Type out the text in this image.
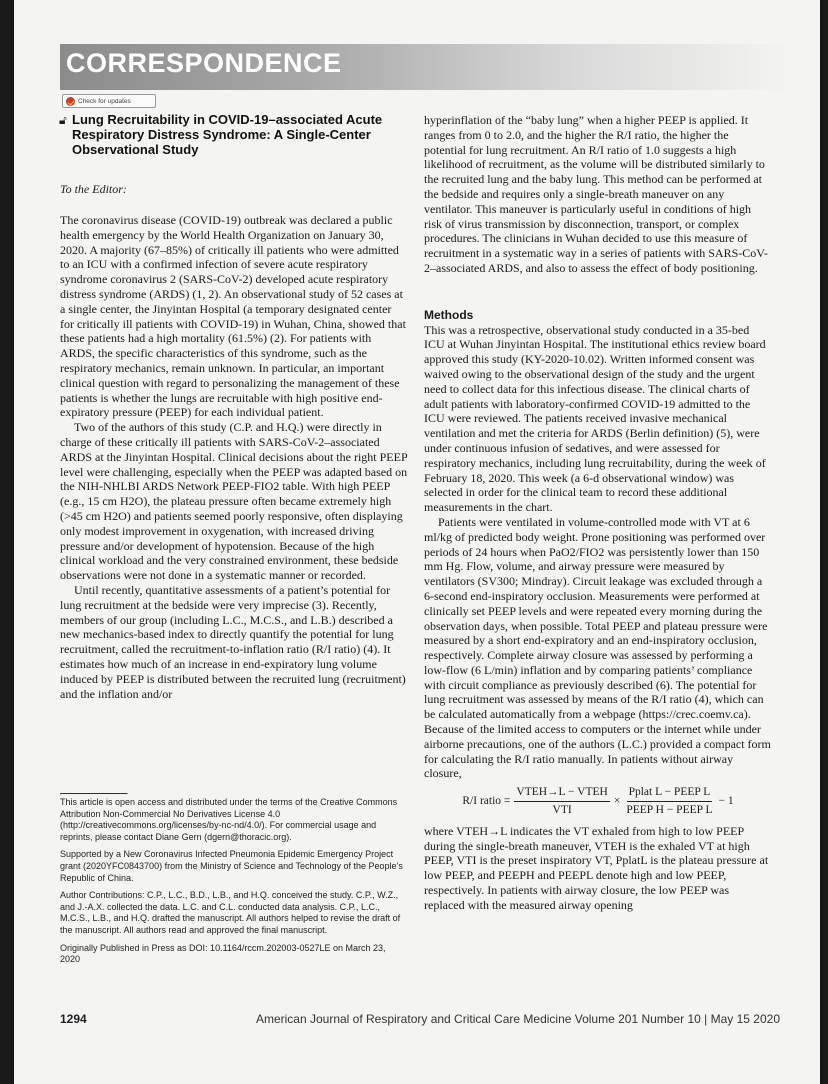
CORRESPONDENCE
Check for updates
🔓︎ Lung Recruitability in COVID-19–associated Acute Respiratory Distress Syndrome: A Single-Center Observational Study

To the Editor:

The coronavirus disease (COVID-19) outbreak was declared a public health emergency by the World Health Organization on January 30, 2020. A majority (67–85%) of critically ill patients who were admitted to an ICU with a confirmed infection of severe acute respiratory syndrome coronavirus 2 (SARS-CoV-2) developed acute respiratory distress syndrome (ARDS) (1, 2). An observational study of 52 cases at a single center, the Jinyintan Hospital (a temporary designated center for critically ill patients with COVID-19) in Wuhan, China, showed that these patients had a high mortality (61.5%) (2). For patients with ARDS, the specific characteristics of this syndrome, such as the respiratory mechanics, remain unknown. In particular, an important clinical question with regard to personalizing the management of these patients is whether the lungs are recruitable with high positive end-expiratory pressure (PEEP) for each individual patient.

Two of the authors of this study (C.P. and H.Q.) were directly in charge of these critically ill patients with SARS-CoV-2–associated ARDS at the Jinyintan Hospital. Clinical decisions about the right PEEP level were challenging, especially when the PEEP was adapted based on the NIH-NHLBI ARDS Network PEEP-FIO2 table. With high PEEP (e.g., 15 cm H2O), the plateau pressure often became extremely high (>45 cm H2O) and patients seemed poorly responsive, often displaying only modest improvement in oxygenation, with increased driving pressure and/or development of hypotension. Because of the high clinical workload and the very constrained environment, these bedside observations were not done in a systematic manner or recorded.

Until recently, quantitative assessments of a patient’s potential for lung recruitment at the bedside were very imprecise (3). Recently, members of our group (including L.C., M.C.S., and L.B.) described a new mechanics-based index to directly quantify the potential for lung recruitment, called the recruitment-to-inflation ratio (R/I ratio) (4). It estimates how much of an increase in end-expiratory lung volume induced by PEEP is distributed between the recruited lung (recruitment) and the inflation and/or

This article is open access and distributed under the terms of the Creative Commons Attribution Non-Commercial No Derivatives License 4.0 (http://creativecommons.org/licenses/by-nc-nd/4.0/). For commercial usage and reprints, please contact Diane Gern (dgern@thoracic.org).

Supported by a New Coronavirus Infected Pneumonia Epidemic Emergency Project grant (2020YFC0843700) from the Ministry of Science and Technology of the People’s Republic of China.

Author Contributions: C.P., L.C., B.D., L.B., and H.Q. conceived the study. C.P., W.Z., and J.-A.X. collected the data. L.C. and C.L. conducted data analysis. C.P., L.C., M.C.S., L.B., and H.Q. drafted the manuscript. All authors helped to revise the draft of the manuscript. All authors read and approved the final manuscript.

Originally Published in Press as DOI: 10.1164/rccm.202003-0527LE on March 23, 2020

hyperinflation of the “baby lung” when a higher PEEP is applied. It ranges from 0 to 2.0, and the higher the R/I ratio, the higher the potential for lung recruitment. An R/I ratio of 1.0 suggests a high likelihood of recruitment, as the volume will be distributed similarly to the recruited lung and the baby lung. This method can be performed at the bedside and requires only a single-breath maneuver on any ventilator. This maneuver is particularly useful in conditions of high risk of virus transmission by disconnection, transport, or complex procedures. The clinicians in Wuhan decided to use this measure of recruitment in a systematic way in a series of patients with SARS-CoV-2–associated ARDS, and also to assess the effect of body positioning.

Methods

This was a retrospective, observational study conducted in a 35-bed ICU at Wuhan Jinyintan Hospital. The institutional ethics review board approved this study (KY-2020-10.02). Written informed consent was waived owing to the observational design of the study and the urgent need to collect data for this infectious disease. The clinical charts of adult patients with laboratory-confirmed COVID-19 admitted to the ICU were reviewed. The patients received invasive mechanical ventilation and met the criteria for ARDS (Berlin definition) (5), were under continuous infusion of sedatives, and were assessed for respiratory mechanics, including lung recruitability, during the week of February 18, 2020. This week (a 6-d observational window) was selected in order for the clinical team to record these additional measurements in the chart.

Patients were ventilated in volume-controlled mode with VT at 6 ml/kg of predicted body weight. Prone positioning was performed over periods of 24 hours when PaO2/FIO2 was persistently lower than 150 mm Hg. Flow, volume, and airway pressure were measured by ventilators (SV300; Mindray). Circuit leakage was excluded through a 6-second end-inspiratory occlusion. Measurements were performed at clinically set PEEP levels and were repeated every morning during the observation days, when possible. Total PEEP and plateau pressure were measured by a short end-expiratory and an end-inspiratory occlusion, respectively. Complete airway closure was assessed by performing a low-flow (6 L/min) inflation and by comparing patients’ compliance with circuit compliance as previously described (6). The potential for lung recruitment was assessed by means of the R/I ratio (4), which can be calculated automatically from a webpage (https://crec.coemv.ca). Because of the limited access to computers or the internet while under airborne precautions, one of the authors (L.C.) provided a compact form for calculating the R/I ratio manually. In patients without airway closure,

R/I ratio = $\frac{\text{VTEH→L − VTEH}}{\text{VTI}} \times \frac{\text{Pplat L − PEEP L}}{\text{PEEP H − PEEP L}} - 1$

where VTEH→L indicates the VT exhaled from high to low PEEP during the single-breath maneuver, VTEH is the exhaled VT at high PEEP, VTI is the preset inspiratory VT, PplatL is the plateau pressure at low PEEP, and PEEPH and PEEPL denote high and low PEEP, respectively. In patients with airway closure, the low PEEP was replaced with the measured airway opening

1294	American Journal of Respiratory and Critical Care Medicine Volume 201 Number 10 | May 15 2020
